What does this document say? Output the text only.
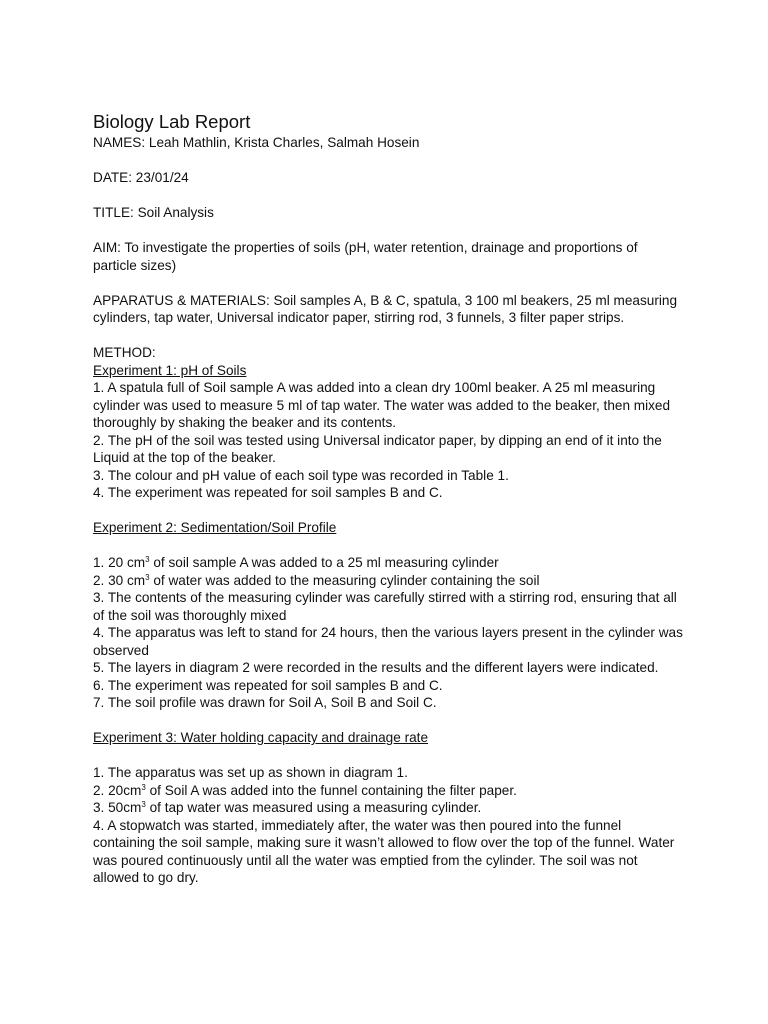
Biology Lab Report

NAMES: Leah Mathlin, Krista Charles, Salmah Hosein

DATE: 23/01/24

TITLE: Soil Analysis

AIM: To investigate the properties of soils (pH, water retention, drainage and proportions of particle sizes)

APPARATUS & MATERIALS: Soil samples A, B & C, spatula, 3 100 ml beakers, 25 ml measuring cylinders, tap water, Universal indicator paper, stirring rod, 3 funnels, 3 filter paper strips.

METHOD:

Experiment 1: pH of Soils

1. A spatula full of Soil sample A was added into a clean dry 100ml beaker. A 25 ml measuring cylinder was used to measure 5 ml of tap water. The water was added to the beaker, then mixed thoroughly by shaking the beaker and its contents.

2. The pH of the soil was tested using Universal indicator paper, by dipping an end of it into the Liquid at the top of the beaker.

3. The colour and pH value of each soil type was recorded in Table 1.

4. The experiment was repeated for soil samples B and C.

Experiment 2: Sedimentation/Soil Profile

1. 20 $cm^3$ of soil sample A was added to a 25 ml measuring cylinder

2. 30 $cm^3$ of water was added to the measuring cylinder containing the soil

3. The contents of the measuring cylinder was carefully stirred with a stirring rod, ensuring that all of the soil was thoroughly mixed

4. The apparatus was left to stand for 24 hours, then the various layers present in the cylinder was observed

5. The layers in diagram 2 were recorded in the results and the different layers were indicated.

6. The experiment was repeated for soil samples B and C.

7. The soil profile was drawn for Soil A, Soil B and Soil C.

Experiment 3: Water holding capacity and drainage rate

1. The apparatus was set up as shown in diagram 1.

2. $20cm^3$ of Soil A was added into the funnel containing the filter paper.

3. $50cm^3$ of tap water was measured using a measuring cylinder.

4. A stopwatch was started, immediately after, the water was then poured into the funnel containing the soil sample, making sure it wasn’t allowed to flow over the top of the funnel. Water was poured continuously until all the water was emptied from the cylinder. The soil was not allowed to go dry.
